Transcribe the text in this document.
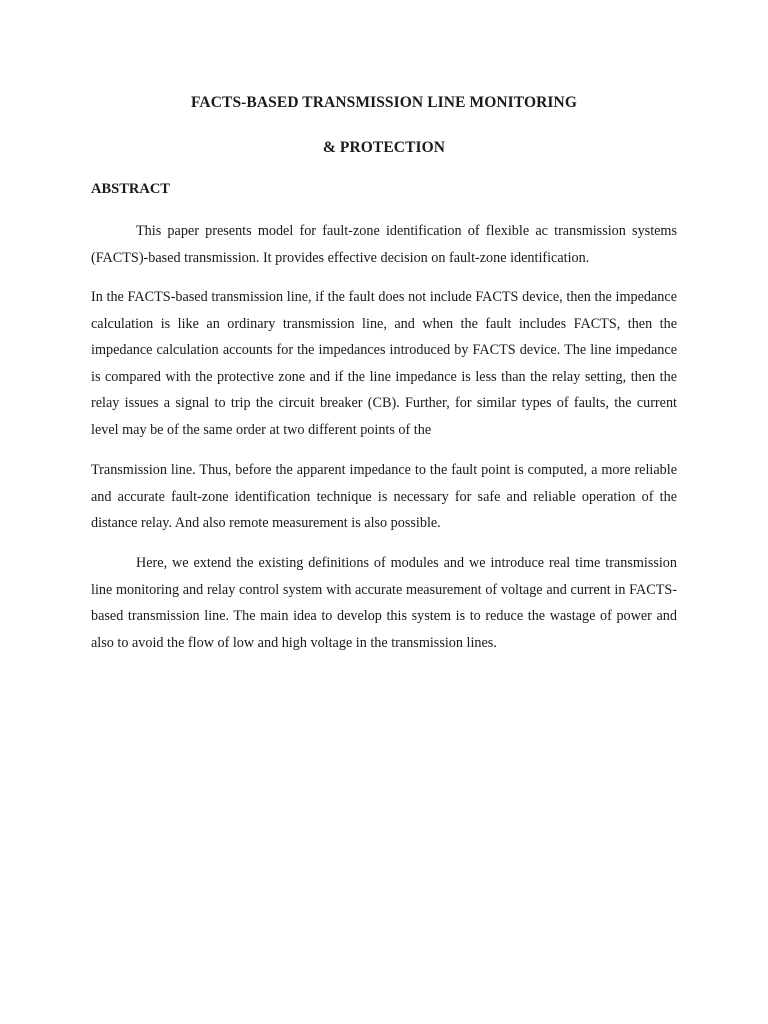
FACTS-BASED TRANSMISSION LINE MONITORING
& PROTECTION
ABSTRACT

This paper presents model for fault-zone identification of flexible ac transmission systems (FACTS)-based transmission. It provides effective decision on fault-zone identification.

In the FACTS-based transmission line, if the fault does not include FACTS device, then the impedance calculation is like an ordinary transmission line, and when the fault includes FACTS, then the impedance calculation accounts for the impedances introduced by FACTS device. The line impedance is compared with the protective zone and if the line impedance is less than the relay setting, then the relay issues a signal to trip the circuit breaker (CB). Further, for similar types of faults, the current level may be of the same order at two different points of the

Transmission line. Thus, before the apparent impedance to the fault point is computed, a more reliable and accurate fault-zone identification technique is necessary for safe and reliable operation of the distance relay. And also remote measurement is also possible.

Here, we extend the existing definitions of modules and we introduce real time transmission line monitoring and relay control system with accurate measurement of voltage and current in FACTS-based transmission line. The main idea to develop this system is to reduce the wastage of power and also to avoid the flow of low and high voltage in the transmission lines.
